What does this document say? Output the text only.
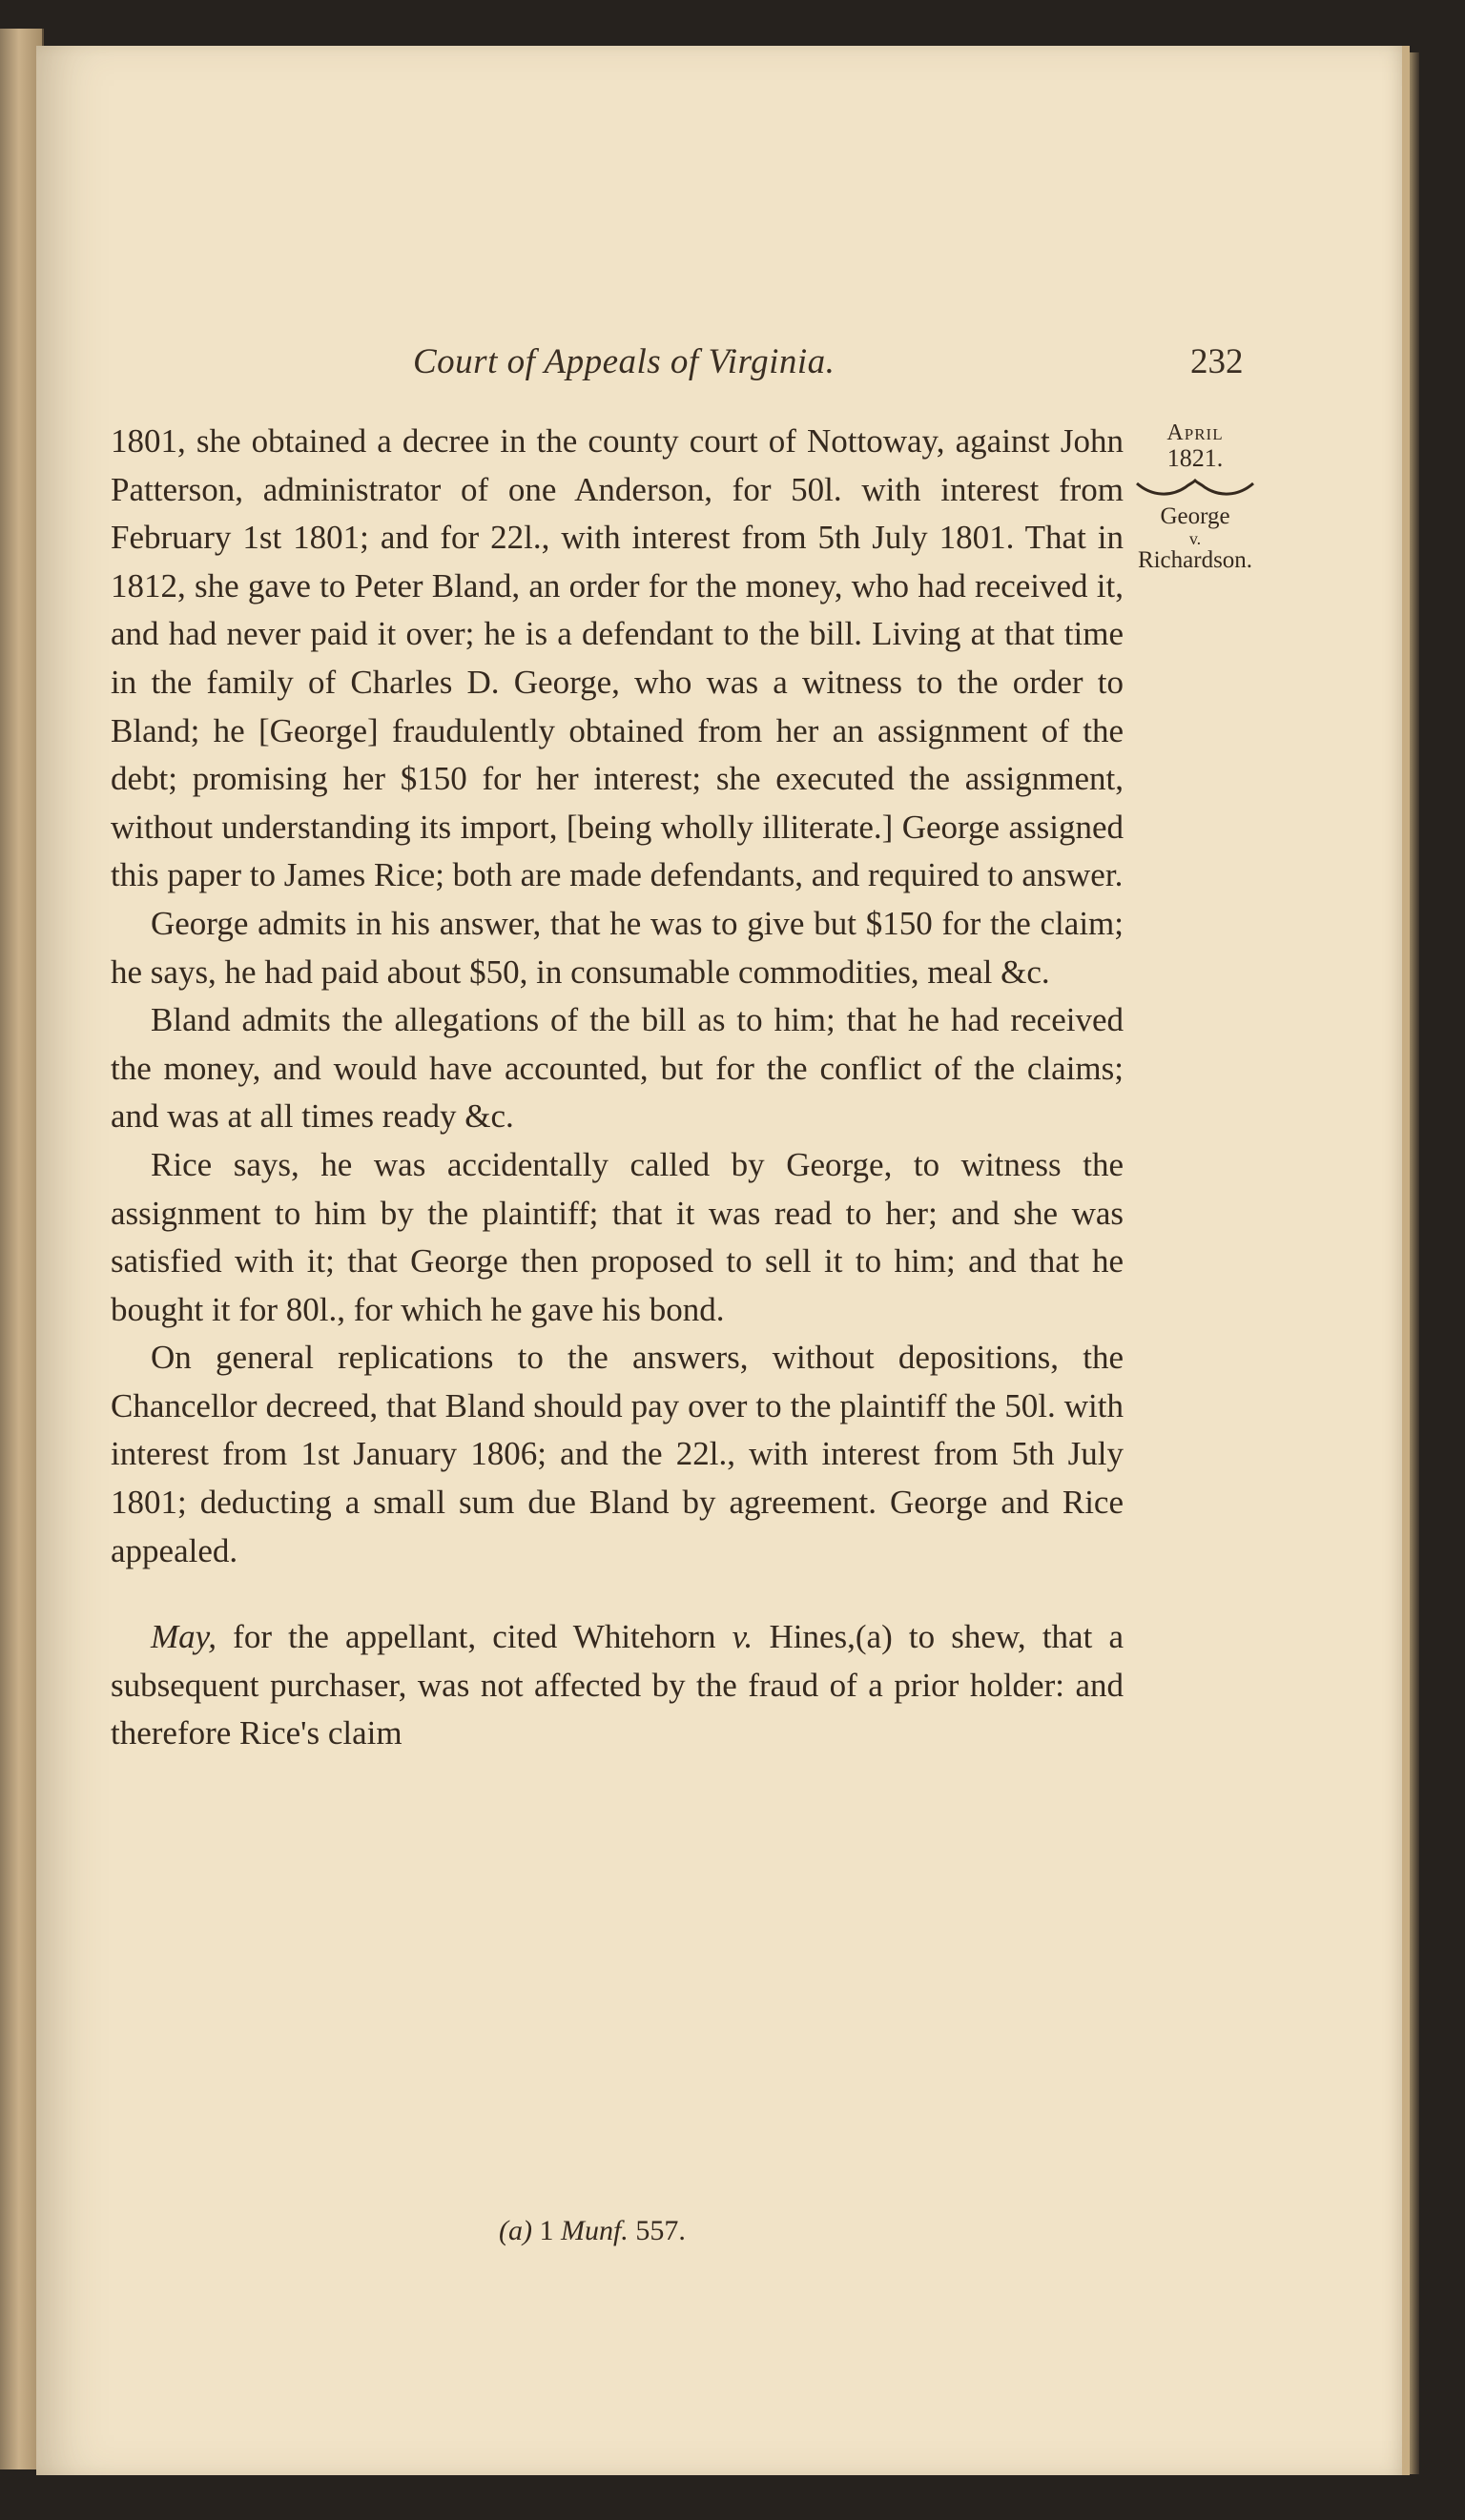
Court of Appeals of Virginia.	232
April
1821.
George
v.
Richardson.

1801, she obtained a decree in the county court of Nottoway, against John Patterson, administrator of one Anderson, for 50l. with interest from February 1st 1801; and for 22l., with interest from 5th July 1801. That in 1812, she gave to Peter Bland, an order for the money, who had received it, and had never paid it over; he is a defendant to the bill. Living at that time in the family of Charles D. George, who was a witness to the order to Bland; he [George] fraudulently obtained from her an assignment of the debt; promising her $150 for her interest; she executed the assignment, without understanding its import, [being wholly illiterate.] George assigned this paper to James Rice; both are made defendants, and required to answer.

George admits in his answer, that he was to give but $150 for the claim; he says, he had paid about $50, in consumable commodities, meal &c.

Bland admits the allegations of the bill as to him; that he had received the money, and would have accounted, but for the conflict of the claims; and was at all times ready &c.

Rice says, he was accidentally called by George, to witness the assignment to him by the plaintiff; that it was read to her; and she was satisfied with it; that George then proposed to sell it to him; and that he bought it for 80l., for which he gave his bond.

On general replications to the answers, without depositions, the Chancellor decreed, that Bland should pay over to the plaintiff the 50l. with interest from 1st January 1806; and the 22l., with interest from 5th July 1801; deducting a small sum due Bland by agreement. George and Rice appealed.

May, for the appellant, cited Whitehorn v. Hines,(a) to shew, that a subsequent purchaser, was not affected by the fraud of a prior holder: and therefore Rice's claim

(a) 1 Munf. 557.
